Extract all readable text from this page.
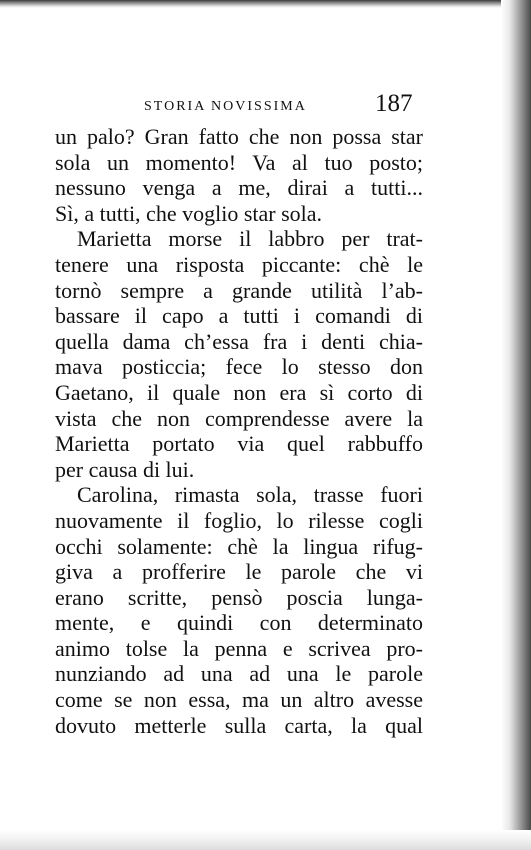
STORIA NOVISSIMA	187
un palo? Gran fatto che non possa star
sola un momento! Va al tuo posto;
nessuno venga a me, dirai a tutti...
Sì, a tutti, che voglio star sola.
Marietta morse il labbro per trat-
tenere una risposta piccante: chè le
tornò sempre a grande utilità l’ab-
bassare il capo a tutti i comandi di
quella dama ch’essa fra i denti chia-
mava posticcia; fece lo stesso don
Gaetano, il quale non era sì corto di
vista che non comprendesse avere la
Marietta portato via quel rabbuffo
per causa di lui.
Carolina, rimasta sola, trasse fuori
nuovamente il foglio, lo rilesse cogli
occhi solamente: chè la lingua rifug-
giva a profferire le parole che vi
erano scritte, pensò poscia lunga-
mente, e quindi con determinato
animo tolse la penna e scrivea pro-
nunziando ad una ad una le parole
come se non essa, ma un altro avesse
dovuto metterle sulla carta, la qual
